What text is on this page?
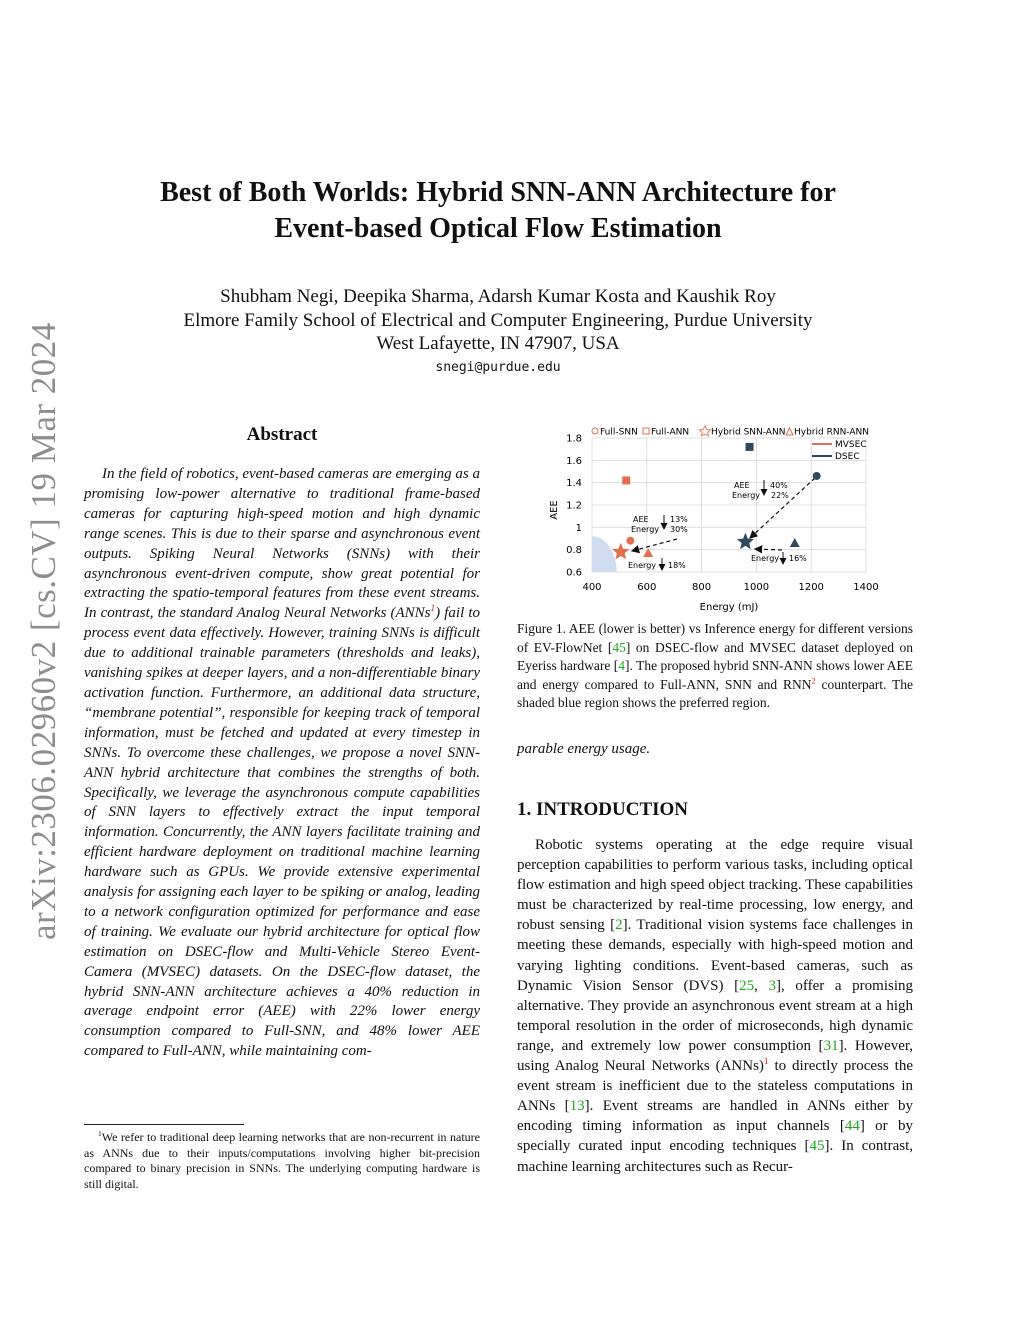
arXiv:2306.02960v2 [cs.CV] 19 Mar 2024
Best of Both Worlds: Hybrid SNN-ANN Architecture for
Event-based Optical Flow Estimation
Shubham Negi, Deepika Sharma, Adarsh Kumar Kosta and Kaushik Roy
Elmore Family School of Electrical and Computer Engineering, Purdue University
West Lafayette, IN 47907, USA
snegi@purdue.edu
Abstract
In the field of robotics, event-based cameras are emerging as a promising low-power alternative to traditional frame-based cameras for capturing high-speed motion and high dynamic range scenes. This is due to their sparse and asynchronous event outputs. Spiking Neural Networks (SNNs) with their asynchronous event-driven compute, show great potential for extracting the spatio-temporal features from these event streams. In contrast, the standard Analog Neural Networks (ANNs$^1$) fail to process event data effectively. However, training SNNs is difficult due to additional trainable parameters (thresholds and leaks), vanishing spikes at deeper layers, and a non-differentiable binary activation function. Furthermore, an additional data structure, “membrane potential”, responsible for keeping track of temporal information, must be fetched and updated at every timestep in SNNs. To overcome these challenges, we propose a novel SNN-ANN hybrid architecture that combines the strengths of both. Specifically, we leverage the asynchronous compute capabilities of SNN layers to effectively extract the input temporal information. Concurrently, the ANN layers facilitate training and efficient hardware deployment on traditional machine learning hardware such as GPUs. We provide extensive experimental analysis for assigning each layer to be spiking or analog, leading to a network configuration optimized for performance and ease of training. We evaluate our hybrid architecture for optical flow estimation on DSEC-flow and Multi-Vehicle Stereo Event-Camera (MVSEC) datasets. On the DSEC-flow dataset, the hybrid SNN-ANN architecture achieves a 40% reduction in average endpoint error (AEE) with 22% lower energy consumption compared to Full-SNN, and 48% lower AEE compared to Full-ANN, while maintaining com-
$^1$We refer to traditional deep learning networks that are non-recurrent in nature as ANNs due to their inputs/computations involving higher bit-precision compared to binary precision in SNNs. The underlying computing hardware is still digital.
0.6
0.8
1
1.2
1.4
1.6
1.8
400	600	800	1000	1200	1400
AEE
Energy (mJ)
Full-SNN Full-ANN Hybrid SNN-ANN Hybrid RNN-ANN
MVSEC
DSEC
AEE	40%
Energy 22%
Energy 16%
AEE	13%
Energy 30%
Energy 18%
Figure 1. AEE (lower is better) vs Inference energy for different versions of EV-FlowNet [45] on DSEC-flow and MVSEC dataset deployed on Eyeriss hardware [4]. The proposed hybrid SNN-ANN shows lower AEE and energy compared to Full-ANN, SNN and RNN$^2$ counterpart. The shaded blue region shows the preferred region.
parable energy usage.
1. INTRODUCTION
Robotic systems operating at the edge require visual perception capabilities to perform various tasks, including optical flow estimation and high speed object tracking. These capabilities must be characterized by real-time processing, low energy, and robust sensing [2]. Traditional vision systems face challenges in meeting these demands, especially with high-speed motion and varying lighting conditions. Event-based cameras, such as Dynamic Vision Sensor (DVS) [25, 3], offer a promising alternative. They provide an asynchronous event stream at a high temporal resolution in the order of microseconds, high dynamic range, and extremely low power consumption [31]. However, using Analog Neural Networks (ANNs)$^1$ to directly process the event stream is inefficient due to the stateless computations in ANNs [13]. Event streams are handled in ANNs either by encoding timing information as input channels [44] or by specially curated input encoding techniques [45]. In contrast, machine learning architectures such as Recur-
